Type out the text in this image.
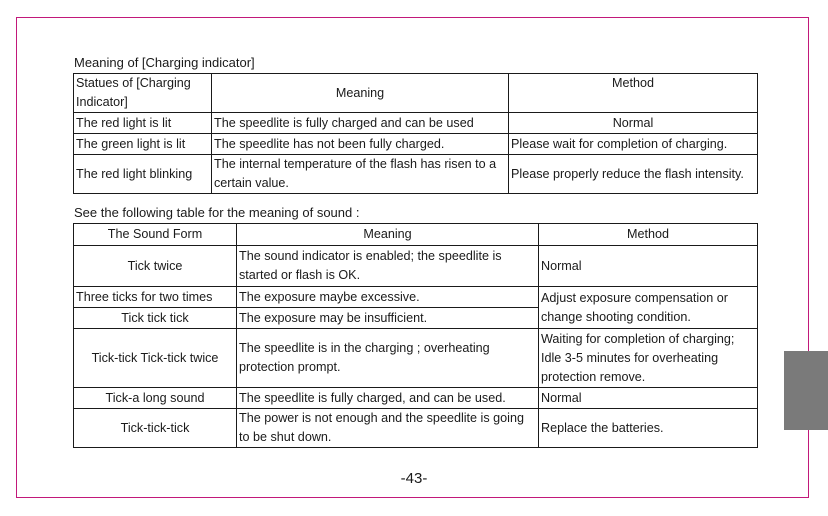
Meaning of [Charging indicator]
Statues of [Charging Indicator]	Meaning	Method
The red light is lit	The speedlite is fully charged and can be used	Normal
The green light is lit	The speedlite has not been fully charged.	Please wait for completion of charging.
The red light blinking	The internal temperature of the flash has risen to a certain value.	Please properly reduce the flash intensity.
See the following table for the meaning of sound :
The Sound Form	Meaning	Method
Tick twice	The sound indicator is enabled; the speedlite is started or flash is OK.	Normal
Three ticks for two times	The exposure maybe excessive.	Adjust exposure compensation or change shooting condition.
Tick tick tick	The exposure may be insufficient.	
Tick-tick Tick-tick twice	The speedlite is in the charging ; overheating protection prompt.	Waiting for completion of charging; Idle 3-5 minutes for overheating protection remove.
Tick-a long sound	The speedlite is fully charged, and can be used.	Normal
Tick-tick-tick	The power is not enough and the speedlite is going to be shut down.	Replace the batteries.
-43-
